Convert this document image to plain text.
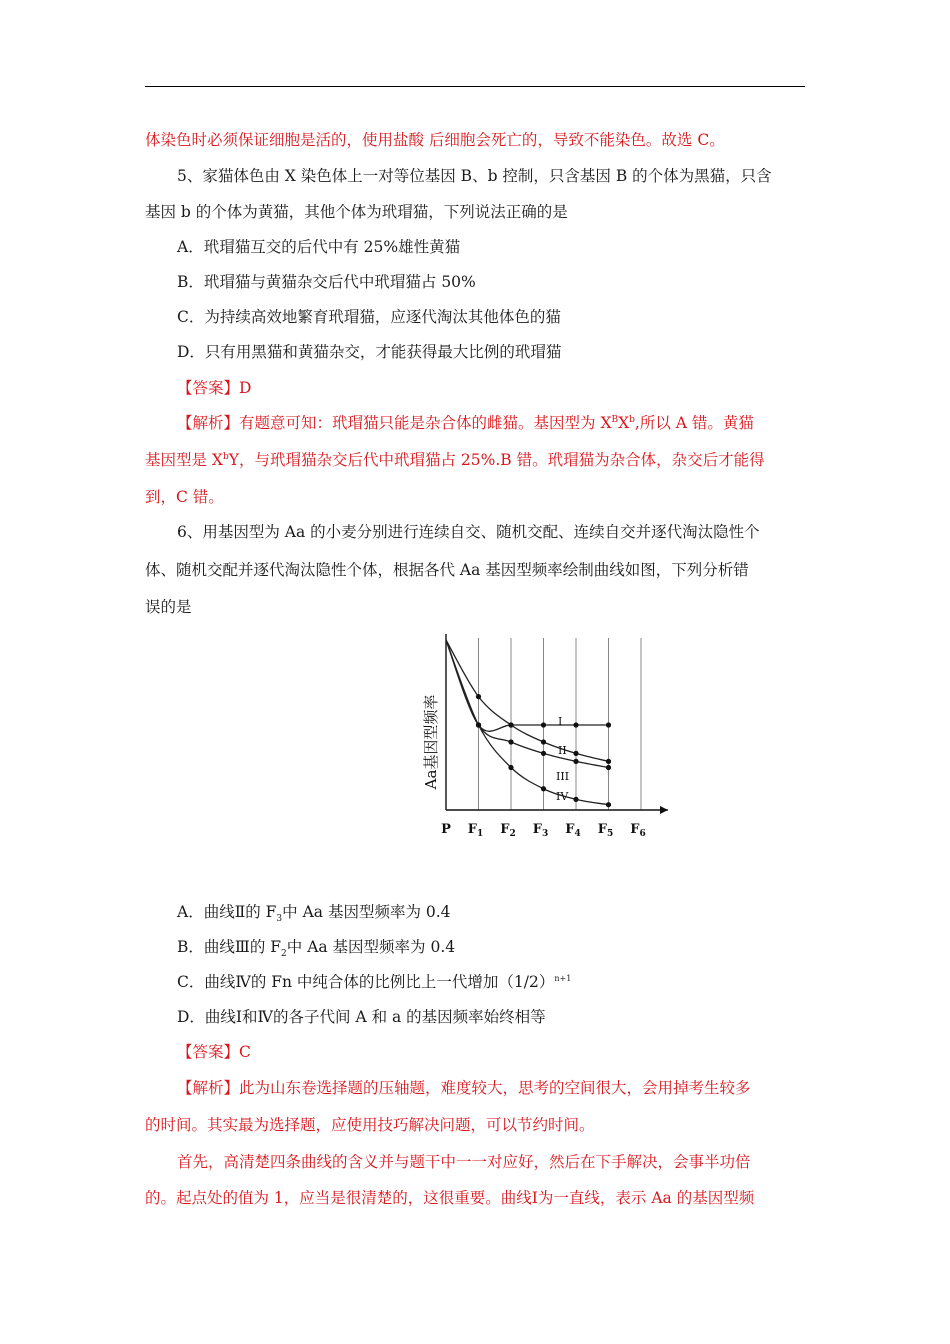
体染色时必须保证细胞是活的，使用盐酸 后细胞会死亡的，导致不能染色。故选 C。
5、家猫体色由 X 染色体上一对等位基因 B、b 控制，只含基因 B 的个体为黑猫，只含
基因 b 的个体为黄猫，其他个体为玳瑁猫，下列说法正确的是
A．玳瑁猫互交的后代中有 25%雄性黄猫
B．玳瑁猫与黄猫杂交后代中玳瑁猫占 50%
C．为持续高效地繁育玳瑁猫，应逐代淘汰其他体色的猫
D．只有用黑猫和黄猫杂交，才能获得最大比例的玳瑁猫
【答案】D
【解析】有题意可知：玳瑁猫只能是杂合体的雌猫。基因型为 $X^BX^b$,所以 A 错。黄猫
基因型是 $X^bY$，与玳瑁猫杂交后代中玳瑁猫占 25%.B 错。玳瑁猫为杂合体，杂交后才能得
到，C 错。
6、用基因型为 Aa 的小麦分别进行连续自交、随机交配、连续自交并逐代淘汰隐性个
体、随机交配并逐代淘汰隐性个体，根据各代 Aa 基因型频率绘制曲线如图，下列分析错
误的是
P $F_1$ $F_2$ $F_3$ $F_4$ $F_5$ $F_6$
I
II
III
IV
Aa基因型频率
A．曲线Ⅱ的 $F_3$中 Aa 基因型频率为 0.4
B．曲线Ⅲ的 $F_2$中 Aa 基因型频率为 0.4
C．曲线Ⅳ的 Fn 中纯合体的比例比上一代增加$(1/2)^{n+1}$
D．曲线Ⅰ和Ⅳ的各子代间 A 和 a 的基因频率始终相等
【答案】C
【解析】此为山东卷选择题的压轴题，难度较大，思考的空间很大，会用掉考生较多
的时间。其实最为选择题，应使用技巧解决问题，可以节约时间。
首先，高清楚四条曲线的含义并与题干中一一对应好，然后在下手解决，会事半功倍
的。起点处的值为 1，应当是很清楚的，这很重要。曲线Ⅰ为一直线，表示 Aa 的基因型频
